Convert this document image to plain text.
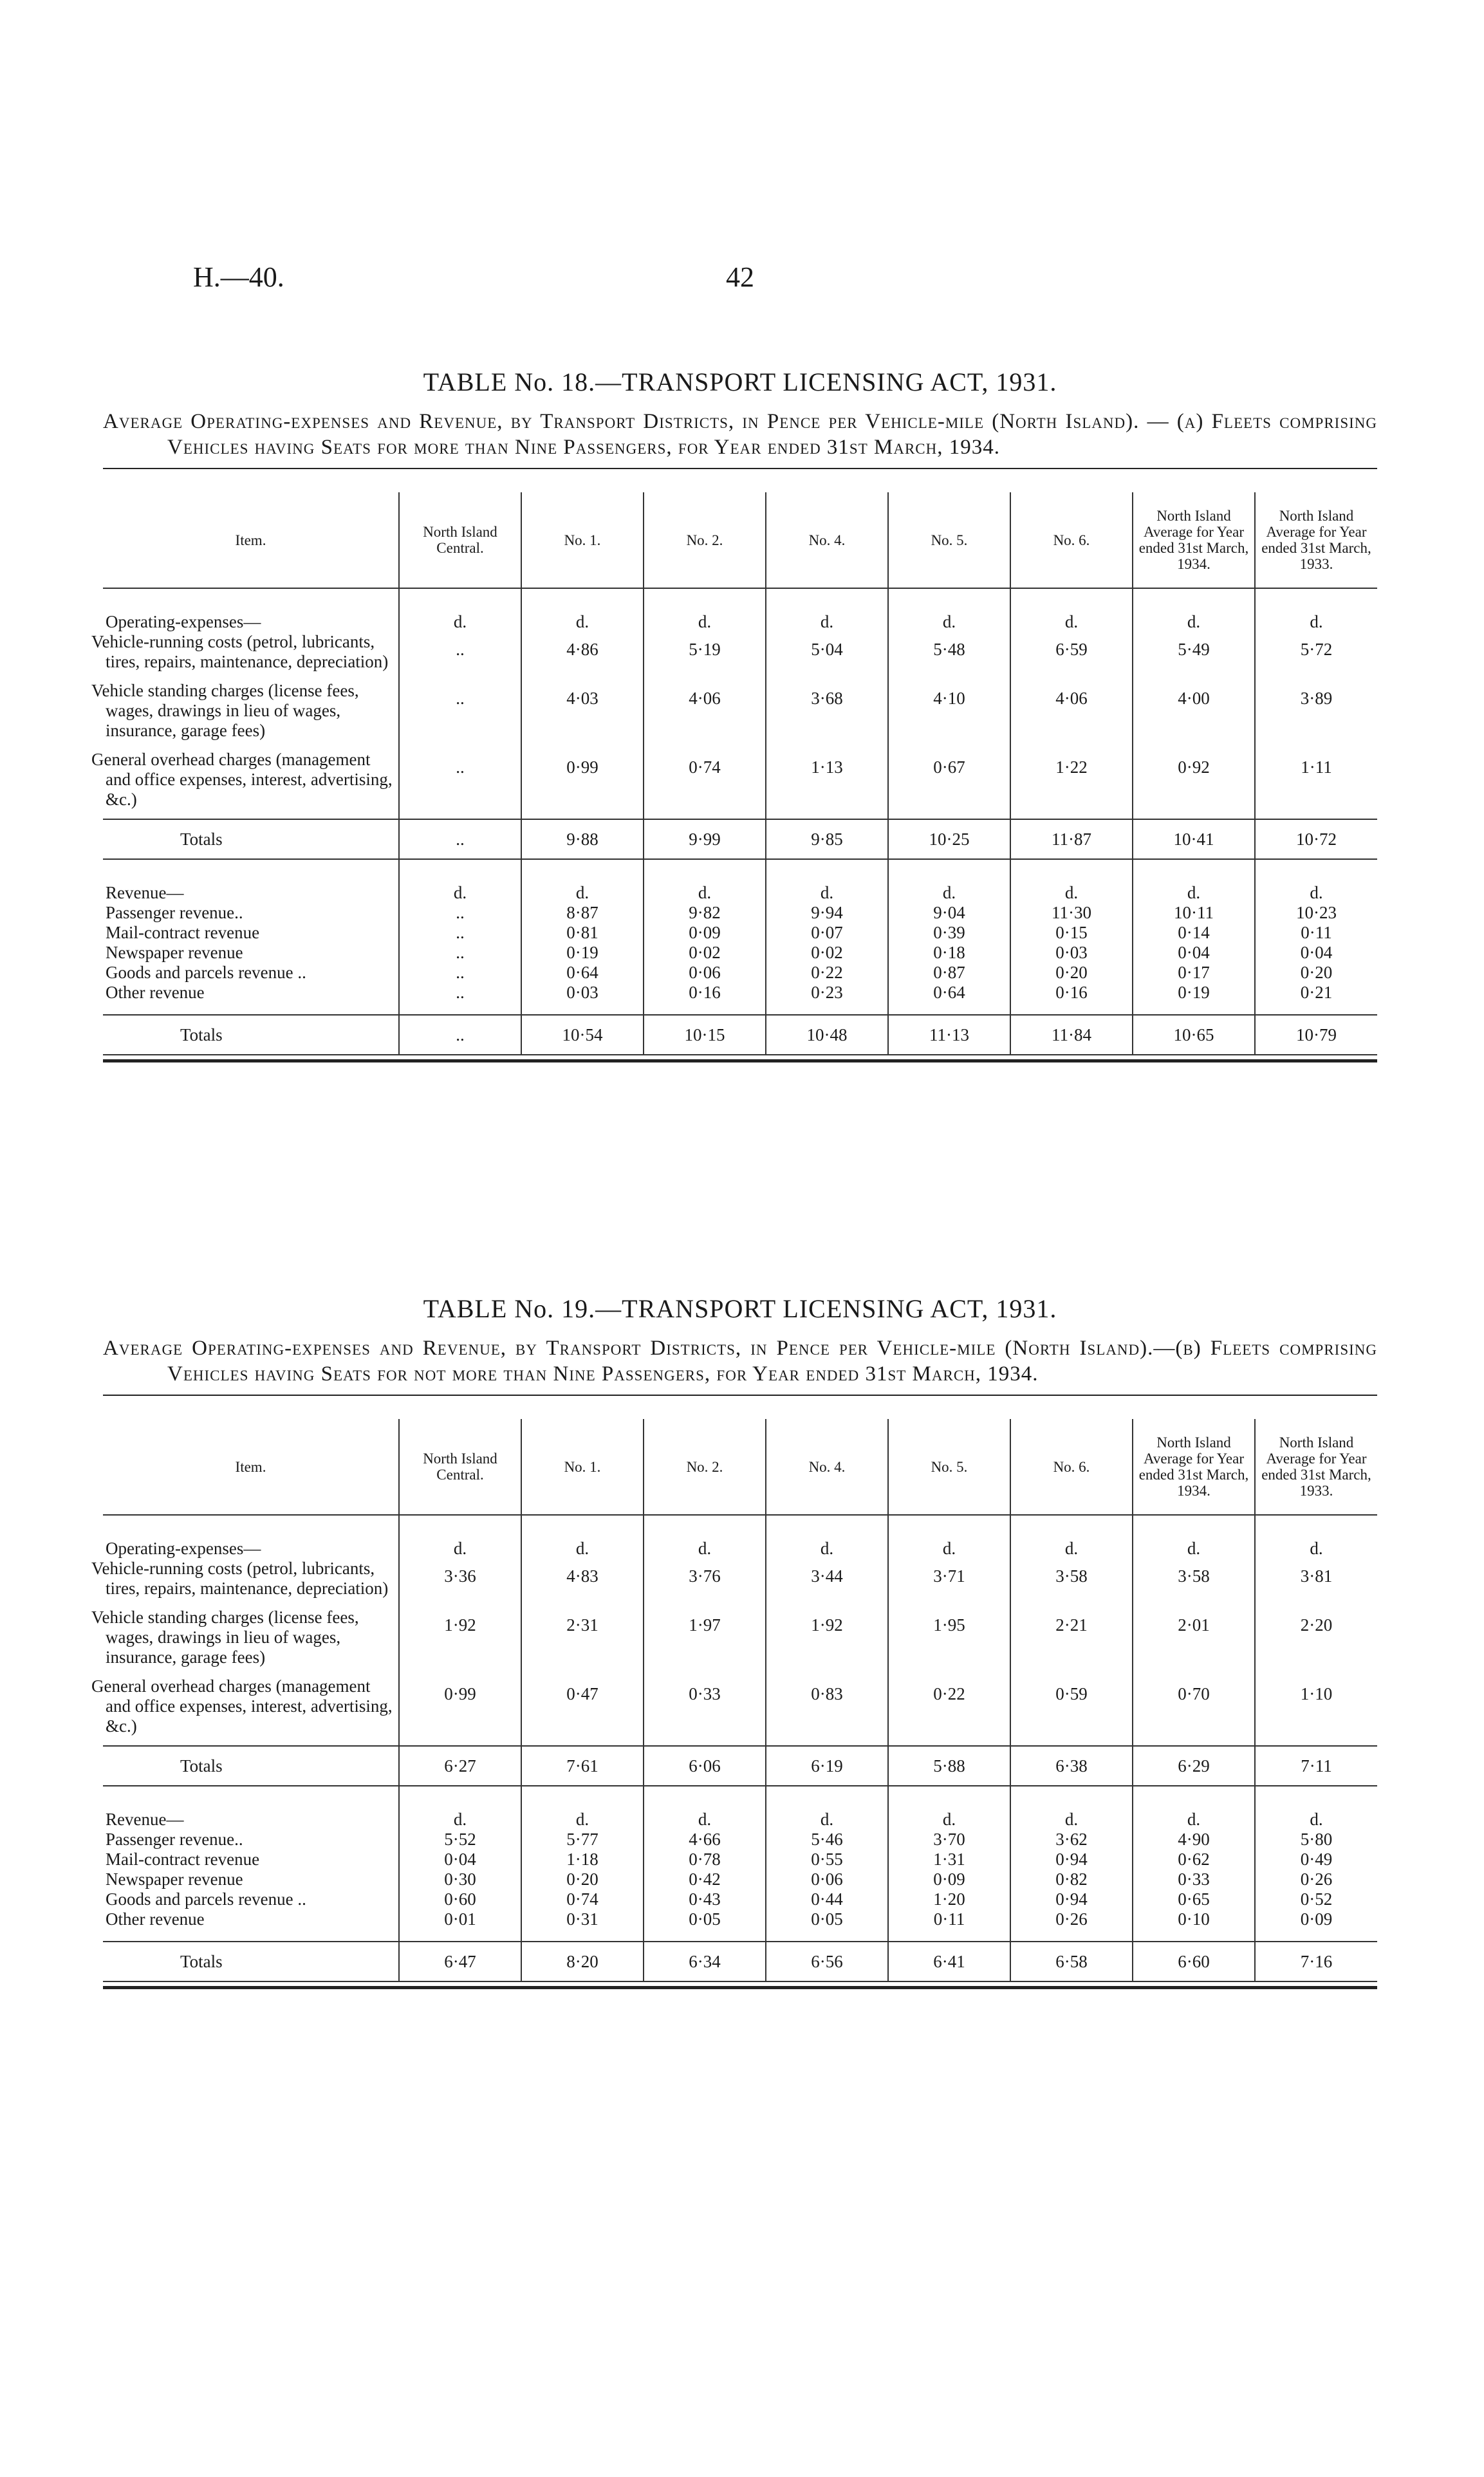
H.—40.	42
TABLE No. 18.—TRANSPORT LICENSING ACT, 1931.
Average Operating-expenses and Revenue, by Transport Districts, in Pence per Vehicle-mile (North Island). — (a) Fleets comprising Vehicles having Seats for more than Nine Passengers, for Year ended 31st March, 1934.
Item.	North Island Central.	No. 1.	No. 2.	No. 4.	No. 5.	No. 6.	North Island Average for Year ended 31st March, 1934.	North Island Average for Year ended 31st March, 1933.

Operating-expenses—	d.	d.	d.	d.	d.	d.	d.	d.
Vehicle-running costs (petrol, lubricants, tires, repairs, maintenance, depreciation)	..	4·86	5·19	5·04	5·48	6·59	5·49	5·72
Vehicle standing charges (license fees, wages, drawings in lieu of wages, insurance, garage fees)	..	4·03	4·06	3·68	4·10	4·06	4·00	3·89
General overhead charges (management and office expenses, interest, advertising, &c.)	..	0·99	0·74	1·13	0·67	1·22	0·92	1·11
Totals	..	9·88	9·99	9·85	10·25	11·87	10·41	10·72

Revenue—	d.	d.	d.	d.	d.	d.	d.	d.
Passenger revenue..	..	8·87	9·82	9·94	9·04	11·30	10·11	10·23
Mail-contract revenue	..	0·81	0·09	0·07	0·39	0·15	0·14	0·11
Newspaper revenue	..	0·19	0·02	0·02	0·18	0·03	0·04	0·04
Goods and parcels revenue ..	..	0·64	0·06	0·22	0·87	0·20	0·17	0·20
Other revenue	..	0·03	0·16	0·23	0·64	0·16	0·19	0·21

Totals	..	10·54	10·15	10·48	11·13	11·84	10·65	10·79
TABLE No. 19.—TRANSPORT LICENSING ACT, 1931.
Average Operating-expenses and Revenue, by Transport Districts, in Pence per Vehicle-mile (North Island).—(b) Fleets comprising Vehicles having Seats for not more than Nine Passengers, for Year ended 31st March, 1934.
Item.	North Island Central.	No. 1.	No. 2.	No. 4.	No. 5.	No. 6.	North Island Average for Year ended 31st March, 1934.	North Island Average for Year ended 31st March, 1933.

Operating-expenses—	d.	d.	d.	d.	d.	d.	d.	d.
Vehicle-running costs (petrol, lubricants, tires, repairs, maintenance, depreciation)	3·36	4·83	3·76	3·44	3·71	3·58	3·58	3·81
Vehicle standing charges (license fees, wages, drawings in lieu of wages, insurance, garage fees)	1·92	2·31	1·97	1·92	1·95	2·21	2·01	2·20
General overhead charges (management and office expenses, interest, advertising, &c.)	0·99	0·47	0·33	0·83	0·22	0·59	0·70	1·10
Totals	6·27	7·61	6·06	6·19	5·88	6·38	6·29	7·11

Revenue—	d.	d.	d.	d.	d.	d.	d.	d.
Passenger revenue..	5·52	5·77	4·66	5·46	3·70	3·62	4·90	5·80
Mail-contract revenue	0·04	1·18	0·78	0·55	1·31	0·94	0·62	0·49
Newspaper revenue	0·30	0·20	0·42	0·06	0·09	0·82	0·33	0·26
Goods and parcels revenue ..	0·60	0·74	0·43	0·44	1·20	0·94	0·65	0·52
Other revenue	0·01	0·31	0·05	0·05	0·11	0·26	0·10	0·09

Totals	6·47	8·20	6·34	6·56	6·41	6·58	6·60	7·16
